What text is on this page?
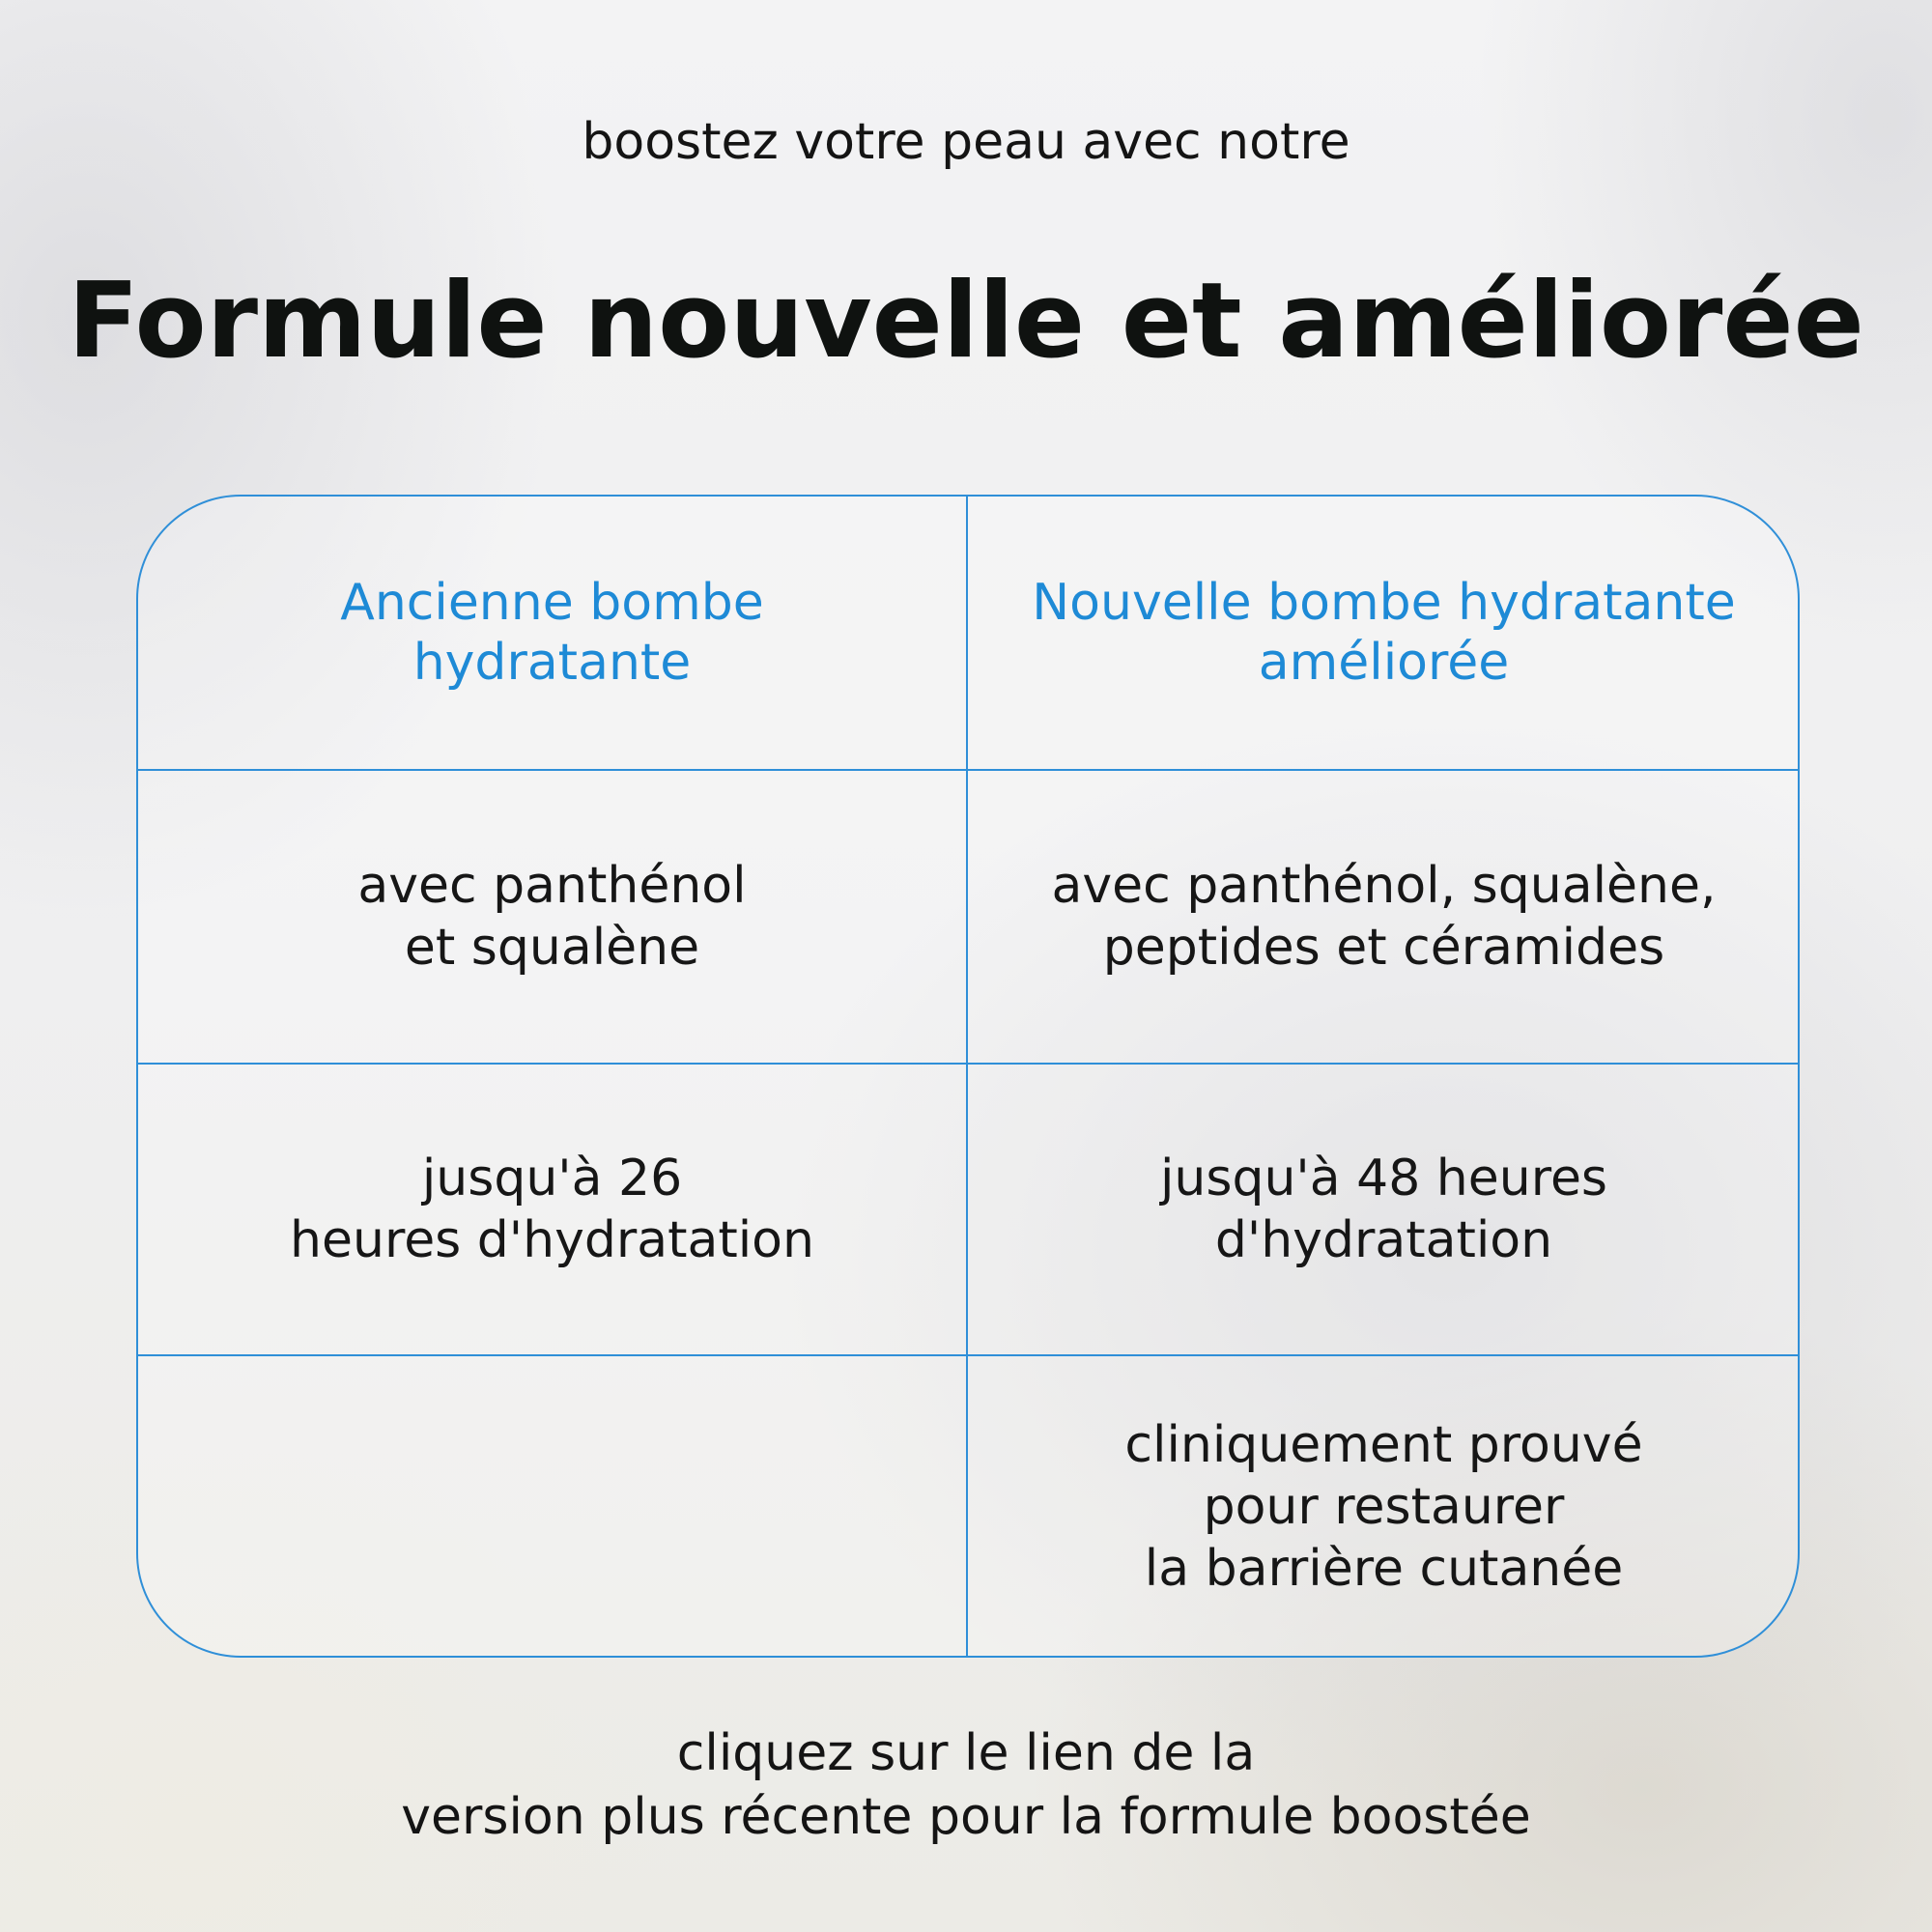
boostez votre peau avec notre
Formule nouvelle et améliorée
Ancienne bombe
hydratante
Nouvelle bombe hydratante
améliorée
avec panthénol
et squalène
avec panthénol, squalène,
peptides et céramides
jusqu'à 26
heures d'hydratation
jusqu'à 48 heures
d'hydratation
cliniquement prouvé
pour restaurer
la barrière cutanée
cliquez sur le lien de la
version plus récente pour la formule boostée
